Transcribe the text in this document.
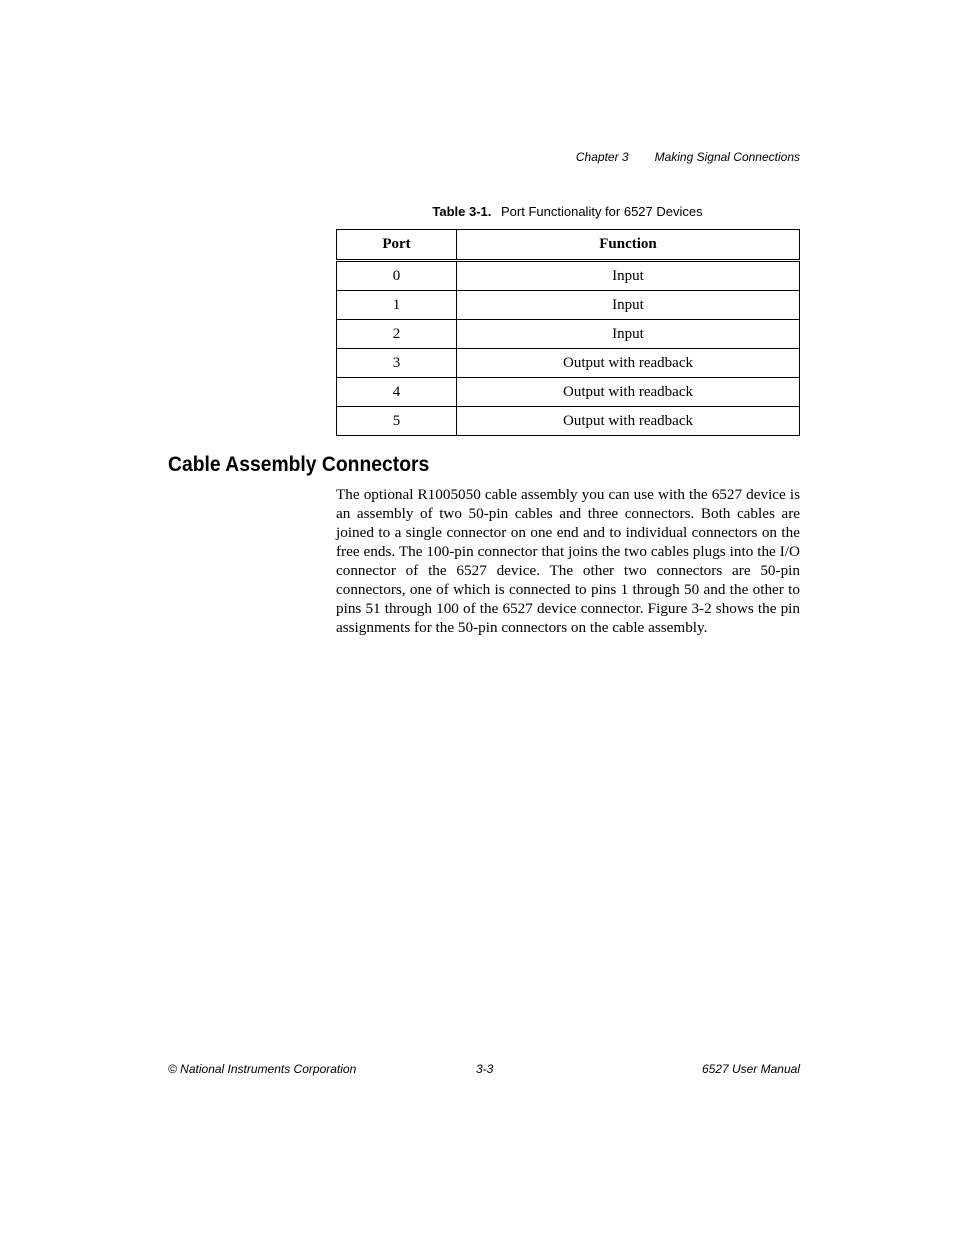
Chapter 3 Making Signal Connections
Table 3-1. Port Functionality for 6527 Devices
Port	Function
0	Input
1	Input
2	Input
3	Output with readback
4	Output with readback
5	Output with readback
Cable Assembly Connectors

The optional R1005050 cable assembly you can use with the 6527 device is an assembly of two 50-pin cables and three connectors. Both cables are joined to a single connector on one end and to individual connectors on the free ends. The 100-pin connector that joins the two cables plugs into the I/O connector of the 6527 device. The other two connectors are 50-pin connectors, one of which is connected to pins 1 through 50 and the other to pins 51 through 100 of the 6527 device connector. Figure 3-2 shows the pin assignments for the 50-pin connectors on the cable assembly.

© National Instruments Corporation	3-3	6527 User Manual
